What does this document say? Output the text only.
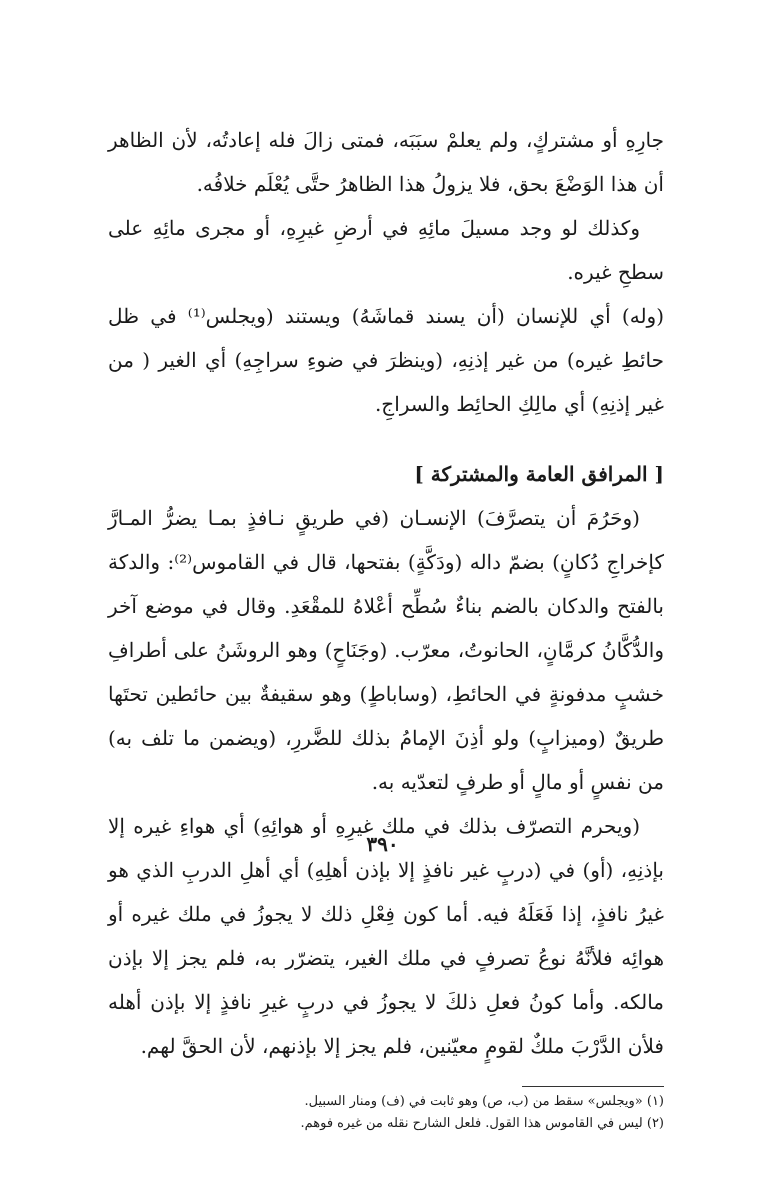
جارِهِ أو مشتركٍ، ولم يعلمْ سبَبَه، فمتى زالَ فله إعادتُه، لأن الظاهر أن هذا الوَضْعَ بحق، فلا يزولُ هذا الظاهرُ حتَّى يُعْلَم خلافُه.

وكذلك لو وجد مسيلَ مائِهِ في أرضِ غيرِهِ، أو مجرى مائِهِ على سطحِ غيره.

(وله) أي للإنسان (أن يسند قماشَهُ) ويستند (ويجلس⁽¹⁾ في ظل حائطِ غيره) من غير إذنِهِ، (وينظرَ في ضوءِ سراجِهِ) أي الغير ( من غير إذنِهِ) أي مالِكِ الحائِط والسراجِ.

[ المرافق العامة والمشتركة ]

(وحَرُمَ أن يتصرَّفَ) الإنسـان (في طريقٍ نـافذٍ بمـا يضرُّ المـارَّ كإخراجِ دُكانٍ) بضمّ داله (ودَكَّةٍ) بفتحها، قال في القاموس⁽²⁾: والدكة بالفتح والدكان بالضم بناءٌ سُطِّح أعْلاهُ للمقْعَدِ. وقال في موضع آخر والدُّكَّانُ كرمَّانٍ، الحانوتُ، معرّب. (وجَنَاحٍ) وهو الروشَنُ على أطرافِ خشبٍ مدفونةٍ في الحائطِ، (وساباطٍ) وهو سقيفةٌ بين حائطين تحتَها طريقٌ (وميزابٍ) ولو أذِنَ الإمامُ بذلك للضَّررِ، (ويضمن ما تلف به) من نفسٍ أو مالٍ أو طرفٍ لتعدّيه به.

(ويحرم التصرّف بذلك في ملك غيرِهِ أو هوائِهِ) أي هواءِ غيره إلا بإذنِهِ، (أو) في (دربٍ غير نافذٍ إلا بإذن أهلِهِ) أي أهلِ الدربِ الذي هو غيرُ نافذٍ، إذا فَعَلَهُ فيه. أما كون فِعْلِ ذلك لا يجوزُ في ملك غيره أو هوائِه فلأنَّهُ نوعُ تصرفٍ في ملك الغير، يتضرّر به، فلم يجز إلا بإذن مالكه. وأما كونُ فعلِ ذلكَ لا يجوزُ في دربٍ غيرِ نافذٍ إلا بإذن أهله فلأن الدَّرْبَ ملكٌ لقومٍ معيّنين، فلم يجز إلا بإذنهم، لأن الحقَّ لهم.

(١) «ويجلس» سقط من (ب، ص) وهو ثابت في (ف) ومنار السبيل.

(٢) ليس في القاموس هذا القول. فلعل الشارح نقله من غيره فوهم.

٣٩٠
